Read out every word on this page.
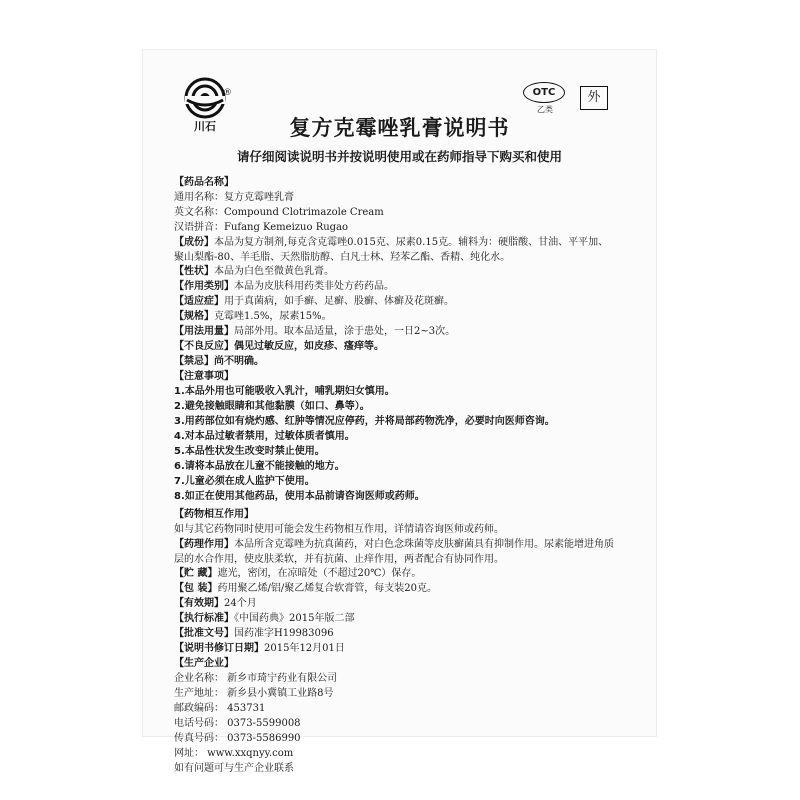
川石
®	OTC
乙类
外
复方克霉唑乳膏说明书
请仔细阅读说明书并按说明使用或在药师指导下购买和使用
【药品名称】
通用名称：复方克霉唑乳膏
英文名称：Compound Clotrimazole Cream
汉语拼音：Fufang Kemeizuo Rugao
【成份】本品为复方制剂,每克含克霉唑0.015克、尿素0.15克。辅料为：硬脂酸、甘油、平平加、聚山梨酯-80、羊毛脂、天然脂肪醇、白凡士林、羟苯乙酯、香精、纯化水。
【性状】本品为白色至微黄色乳膏。
【作用类别】本品为皮肤科用药类非处方药药品。
【适应症】用于真菌病，如手癣、足癣、股癣、体癣及花斑癣。
【规格】克霉唑1.5%，尿素15%。
【用法用量】局部外用。取本品适量，涂于患处，一日2~3次。
【不良反应】偶见过敏反应，如皮疹、瘙痒等。
【禁忌】尚不明确。
【注意事项】
1.本品外用也可能吸收入乳汁，哺乳期妇女慎用。
2.避免接触眼睛和其他黏膜（如口、鼻等）。
3.用药部位如有烧灼感、红肿等情况应停药，并将局部药物洗净，必要时向医师咨询。
4.对本品过敏者禁用，过敏体质者慎用。
5.本品性状发生改变时禁止使用。
6.请将本品放在儿童不能接触的地方。
7.儿童必须在成人监护下使用。
8.如正在使用其他药品，使用本品前请咨询医师或药师。
【药物相互作用】
如与其它药物同时使用可能会发生药物相互作用，详情请咨询医师或药师。
【药理作用】本品所含克霉唑为抗真菌药，对白色念珠菌等皮肤癣菌具有抑制作用。尿素能增进角质层的水合作用，使皮肤柔软，并有抗菌、止痒作用，两者配合有协同作用。
【贮 藏】遮光，密闭，在凉暗处（不超过20℃）保存。
【包 装】药用聚乙烯/铝/聚乙烯复合软膏管，每支装20克。
【有效期】24个月
【执行标准】《中国药典》2015年版二部
【批准文号】国药准字H19983096
【说明书修订日期】2015年12月01日
【生产企业】
企业名称： 新乡市琦宁药业有限公司
生产地址： 新乡县小冀镇工业路8号
邮政编码： 453731
电话号码： 0373-5599008
传真号码： 0373-5586990
网址： www.xxqnyy.com
如有问题可与生产企业联系
